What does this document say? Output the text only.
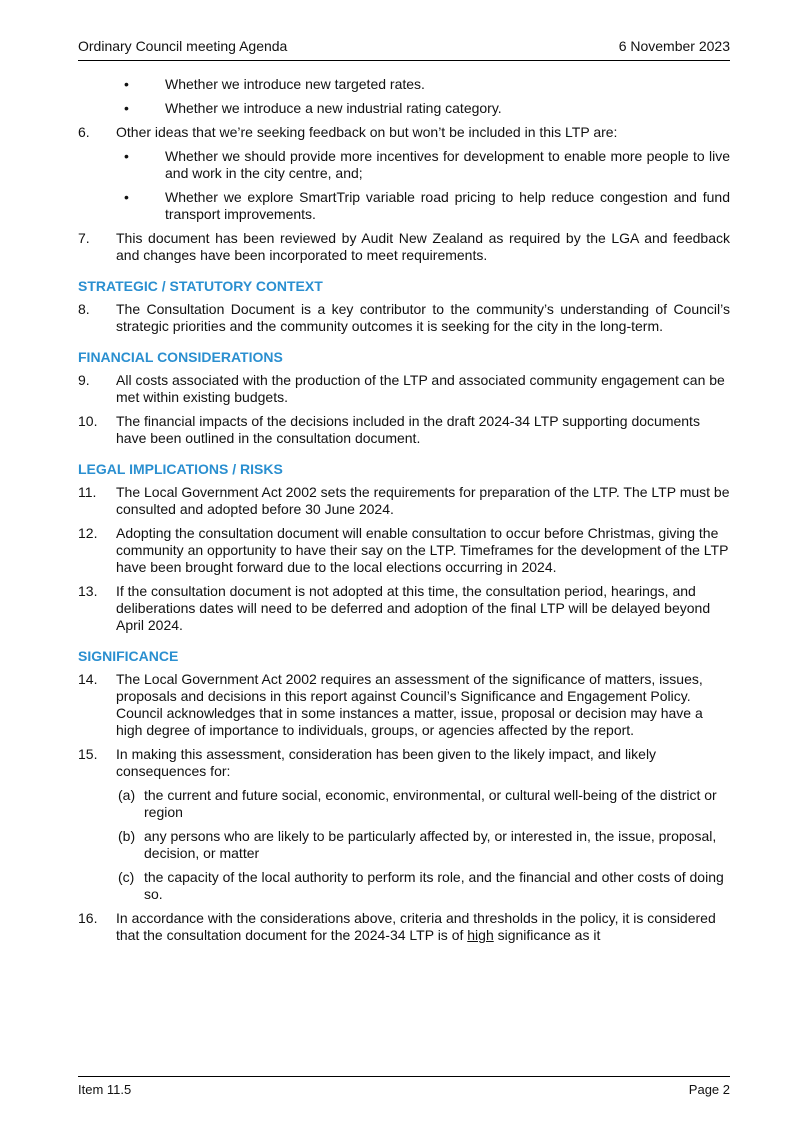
Ordinary Council meeting Agenda	6 November 2023
•	Whether we introduce new targeted rates.
•	Whether we introduce a new industrial rating category.
6. Other ideas that we’re seeking feedback on but won’t be included in this LTP are:
•	Whether we should provide more incentives for development to enable more people to live and work in the city centre, and;
•	Whether we explore SmartTrip variable road pricing to help reduce congestion and fund transport improvements.
7. This document has been reviewed by Audit New Zealand as required by the LGA and feedback and changes have been incorporated to meet requirements.
STRATEGIC / STATUTORY CONTEXT
8. The Consultation Document is a key contributor to the community’s understanding of Council’s strategic priorities and the community outcomes it is seeking for the city in the long-term.
FINANCIAL CONSIDERATIONS
9. All costs associated with the production of the LTP and associated community engagement can be met within existing budgets.
10. The financial impacts of the decisions included in the draft 2024-34 LTP supporting documents have been outlined in the consultation document.
LEGAL IMPLICATIONS / RISKS
11. The Local Government Act 2002 sets the requirements for preparation of the LTP. The LTP must be consulted and adopted before 30 June 2024.
12. Adopting the consultation document will enable consultation to occur before Christmas, giving the community an opportunity to have their say on the LTP. Timeframes for the development of the LTP have been brought forward due to the local elections occurring in 2024.
13. If the consultation document is not adopted at this time, the consultation period, hearings, and deliberations dates will need to be deferred and adoption of the final LTP will be delayed beyond April 2024.
SIGNIFICANCE
14. The Local Government Act 2002 requires an assessment of the significance of matters, issues, proposals and decisions in this report against Council’s Significance and Engagement Policy. Council acknowledges that in some instances a matter, issue, proposal or decision may have a high degree of importance to individuals, groups, or agencies affected by the report.
15. In making this assessment, consideration has been given to the likely impact, and likely consequences for:
(a) the current and future social, economic, environmental, or cultural well-being of the district or region
(b) any persons who are likely to be particularly affected by, or interested in, the issue, proposal, decision, or matter
(c) the capacity of the local authority to perform its role, and the financial and other costs of doing so.
16. In accordance with the considerations above, criteria and thresholds in the policy, it is considered that the consultation document for the 2024-34 LTP is of high significance as it
Item 11.5	Page 2
